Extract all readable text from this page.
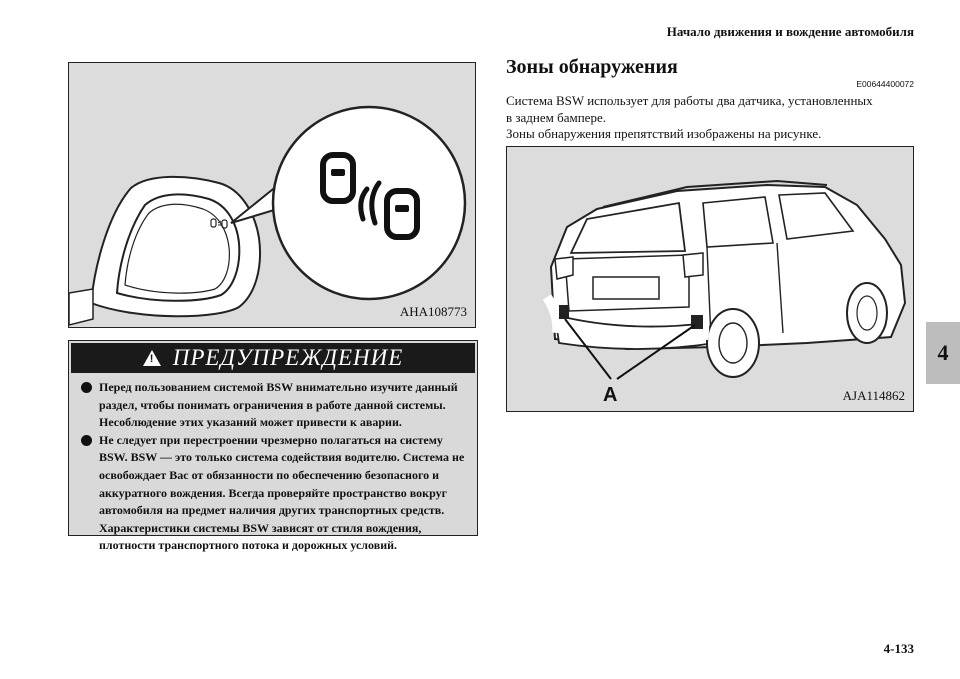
Начало движения и вождение автомобиля
4
AHA108773
! ПРЕДУПРЕЖДЕНИЕ
Перед пользованием системой BSW внимательно изучите данный раздел, чтобы понимать ограничения в работе данной системы. Несоблюдение этих указаний может привести к аварии.
Не следует при перестроении чрезмерно полагаться на систему BSW. BSW — это только система содействия водителю. Система не освобождает Вас от обязанности по обеспечению безопасного и аккуратного вождения. Всегда проверяйте пространство вокруг автомобиля на предмет наличия других транспортных средств. Характеристики системы BSW зависят от стиля вождения, плотности транспортного потока и дорожных условий.
Зоны обнаружения
E00644400072
Система BSW использует для работы два датчика, установленных
в заднем бампере.
Зоны обнаружения препятствий изображены на рисунке.
A	AJA114862
4-133
